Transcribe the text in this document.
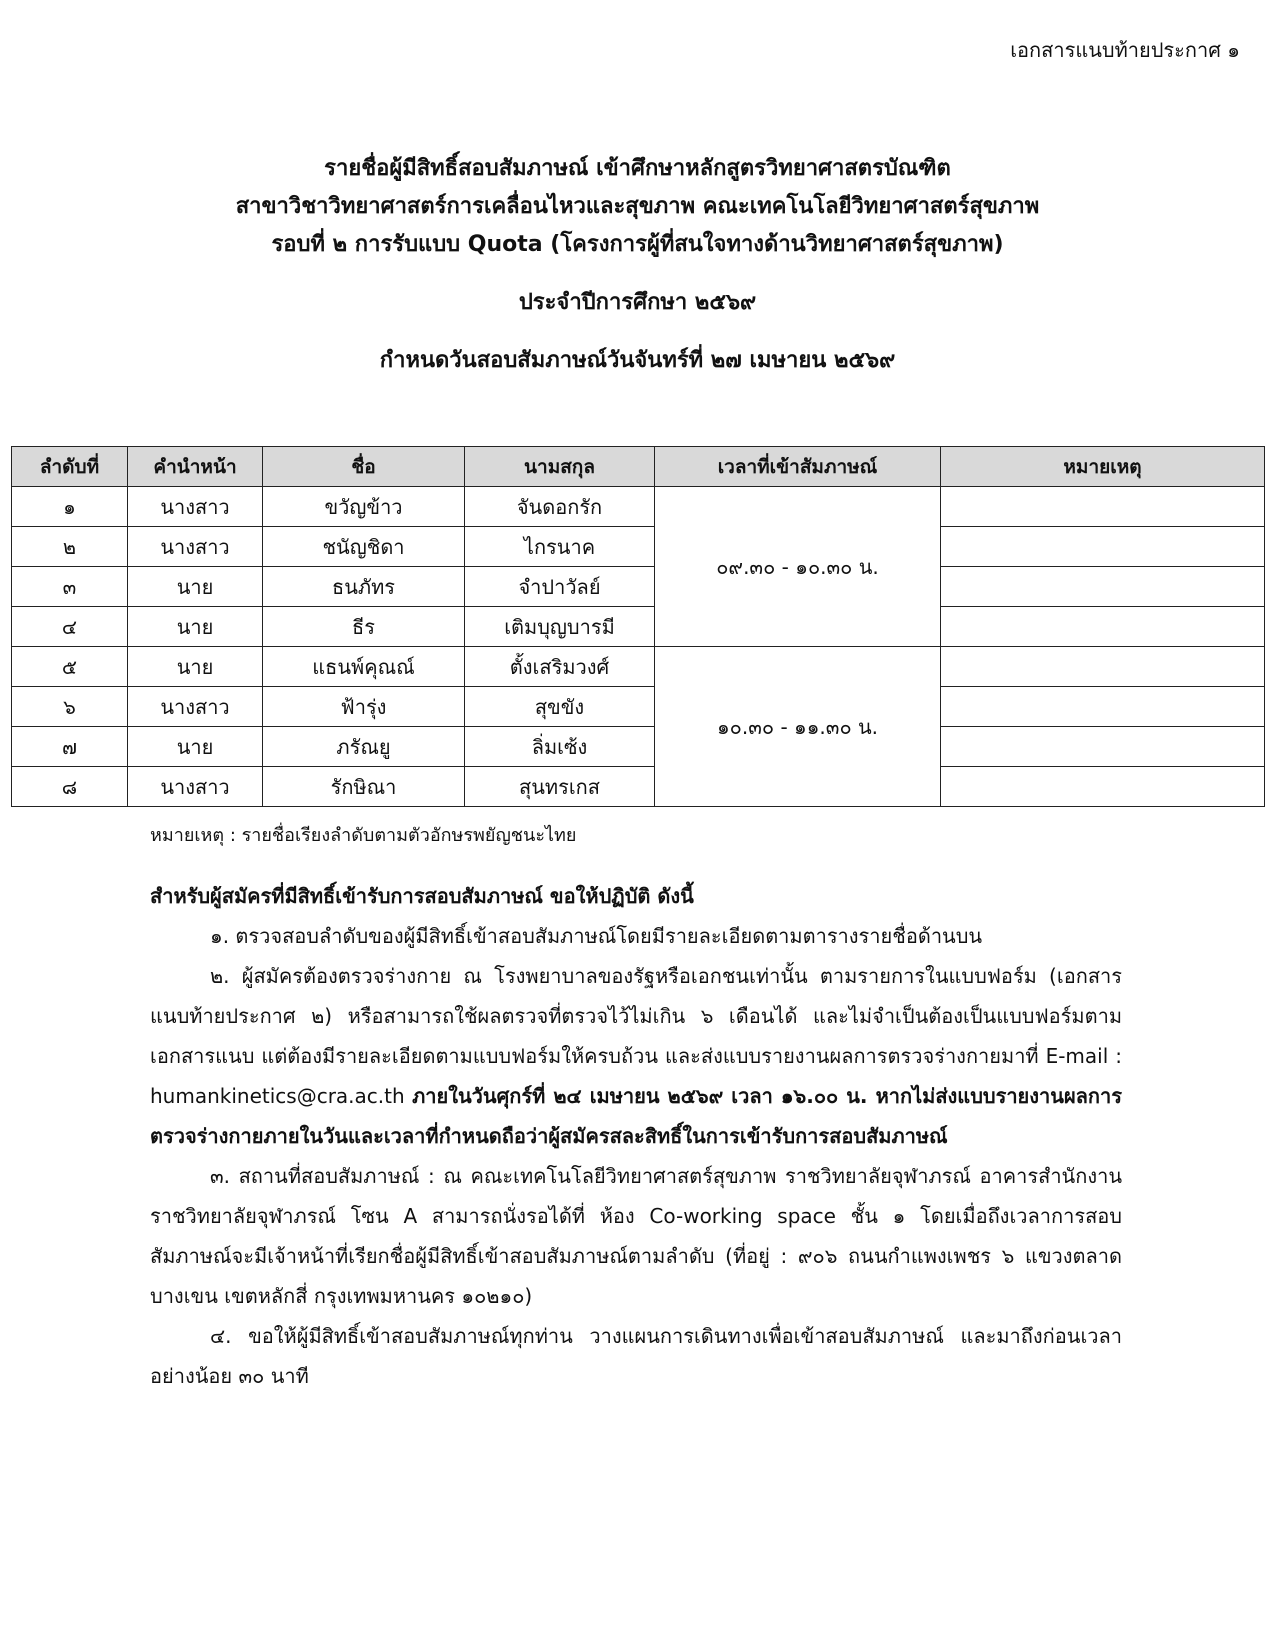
เอกสารแนบท้ายประกาศ ๑
รายชื่อผู้มีสิทธิ์สอบสัมภาษณ์ เข้าศึกษาหลักสูตรวิทยาศาสตรบัณฑิต
สาขาวิชาวิทยาศาสตร์การเคลื่อนไหวและสุขภาพ คณะเทคโนโลยีวิทยาศาสตร์สุขภาพ
รอบที่ ๒ การรับแบบ Quota (โครงการผู้ที่สนใจทางด้านวิทยาศาสตร์สุขภาพ)
ประจำปีการศึกษา ๒๕๖๙
กำหนดวันสอบสัมภาษณ์วันจันทร์ที่ ๒๗ เมษายน ๒๕๖๙
ลำดับที่	คำนำหน้า	ชื่อ	นามสกุล	เวลาที่เข้าสัมภาษณ์	หมายเหตุ
๑	นางสาว	ขวัญข้าว	จันดอกรัก	๐๙.๓๐ - ๑๐.๓๐ น.	
๒	นางสาว	ชนัญชิดา	ไกรนาค		
๓	นาย	ธนภัทร	จำปาวัลย์		
๔	นาย	ธีร	เติมบุญบารมี		
๕	นาย	แธนพ์คุณณ์	ตั้งเสริมวงศ์	๑๐.๓๐ - ๑๑.๓๐ น.	
๖	นางสาว	ฟ้ารุ่ง	สุขขัง		
๗	นาย	ภรัณยู	ลิ่มเซ้ง		
๘	นางสาว	รักษิณา	สุนทรเกส		
หมายเหตุ : รายชื่อเรียงลำดับตามตัวอักษรพยัญชนะไทย

สำหรับผู้สมัครที่มีสิทธิ์เข้ารับการสอบสัมภาษณ์ ขอให้ปฏิบัติ ดังนี้

๑. ตรวจสอบลำดับของผู้มีสิทธิ์เข้าสอบสัมภาษณ์โดยมีรายละเอียดตามตารางรายชื่อด้านบน

๒. ผู้สมัครต้องตรวจร่างกาย ณ โรงพยาบาลของรัฐหรือเอกชนเท่านั้น ตามรายการในแบบฟอร์ม (เอกสารแนบท้ายประกาศ ๒) หรือสามารถใช้ผลตรวจที่ตรวจไว้ไม่เกิน ๖ เดือนได้ และไม่จำเป็นต้องเป็นแบบฟอร์มตามเอกสารแนบ แต่ต้องมีรายละเอียดตามแบบฟอร์มให้ครบถ้วน และส่งแบบรายงานผลการตรวจร่างกายมาที่ E-mail : humankinetics@cra.ac.th ภายในวันศุกร์ที่ ๒๔ เมษายน ๒๕๖๙ เวลา ๑๖.๐๐ น. หากไม่ส่งแบบรายงานผลการตรวจร่างกายภายในวันและเวลาที่กำหนดถือว่าผู้สมัครสละสิทธิ์ในการเข้ารับการสอบสัมภาษณ์

๓. สถานที่สอบสัมภาษณ์ : ณ คณะเทคโนโลยีวิทยาศาสตร์สุขภาพ ราชวิทยาลัยจุฬาภรณ์ อาคารสำนักงานราชวิทยาลัยจุฬาภรณ์ โซน A สามารถนั่งรอได้ที่ ห้อง Co-working space ชั้น ๑ โดยเมื่อถึงเวลาการสอบสัมภาษณ์จะมีเจ้าหน้าที่เรียกชื่อผู้มีสิทธิ์เข้าสอบสัมภาษณ์ตามลำดับ (ที่อยู่ : ๙๐๖ ถนนกำแพงเพชร ๖ แขวงตลาดบางเขน เขตหลักสี่ กรุงเทพมหานคร ๑๐๒๑๐)

๔. ขอให้ผู้มีสิทธิ์เข้าสอบสัมภาษณ์ทุกท่าน วางแผนการเดินทางเพื่อเข้าสอบสัมภาษณ์ และมาถึงก่อนเวลาอย่างน้อย ๓๐ นาที
